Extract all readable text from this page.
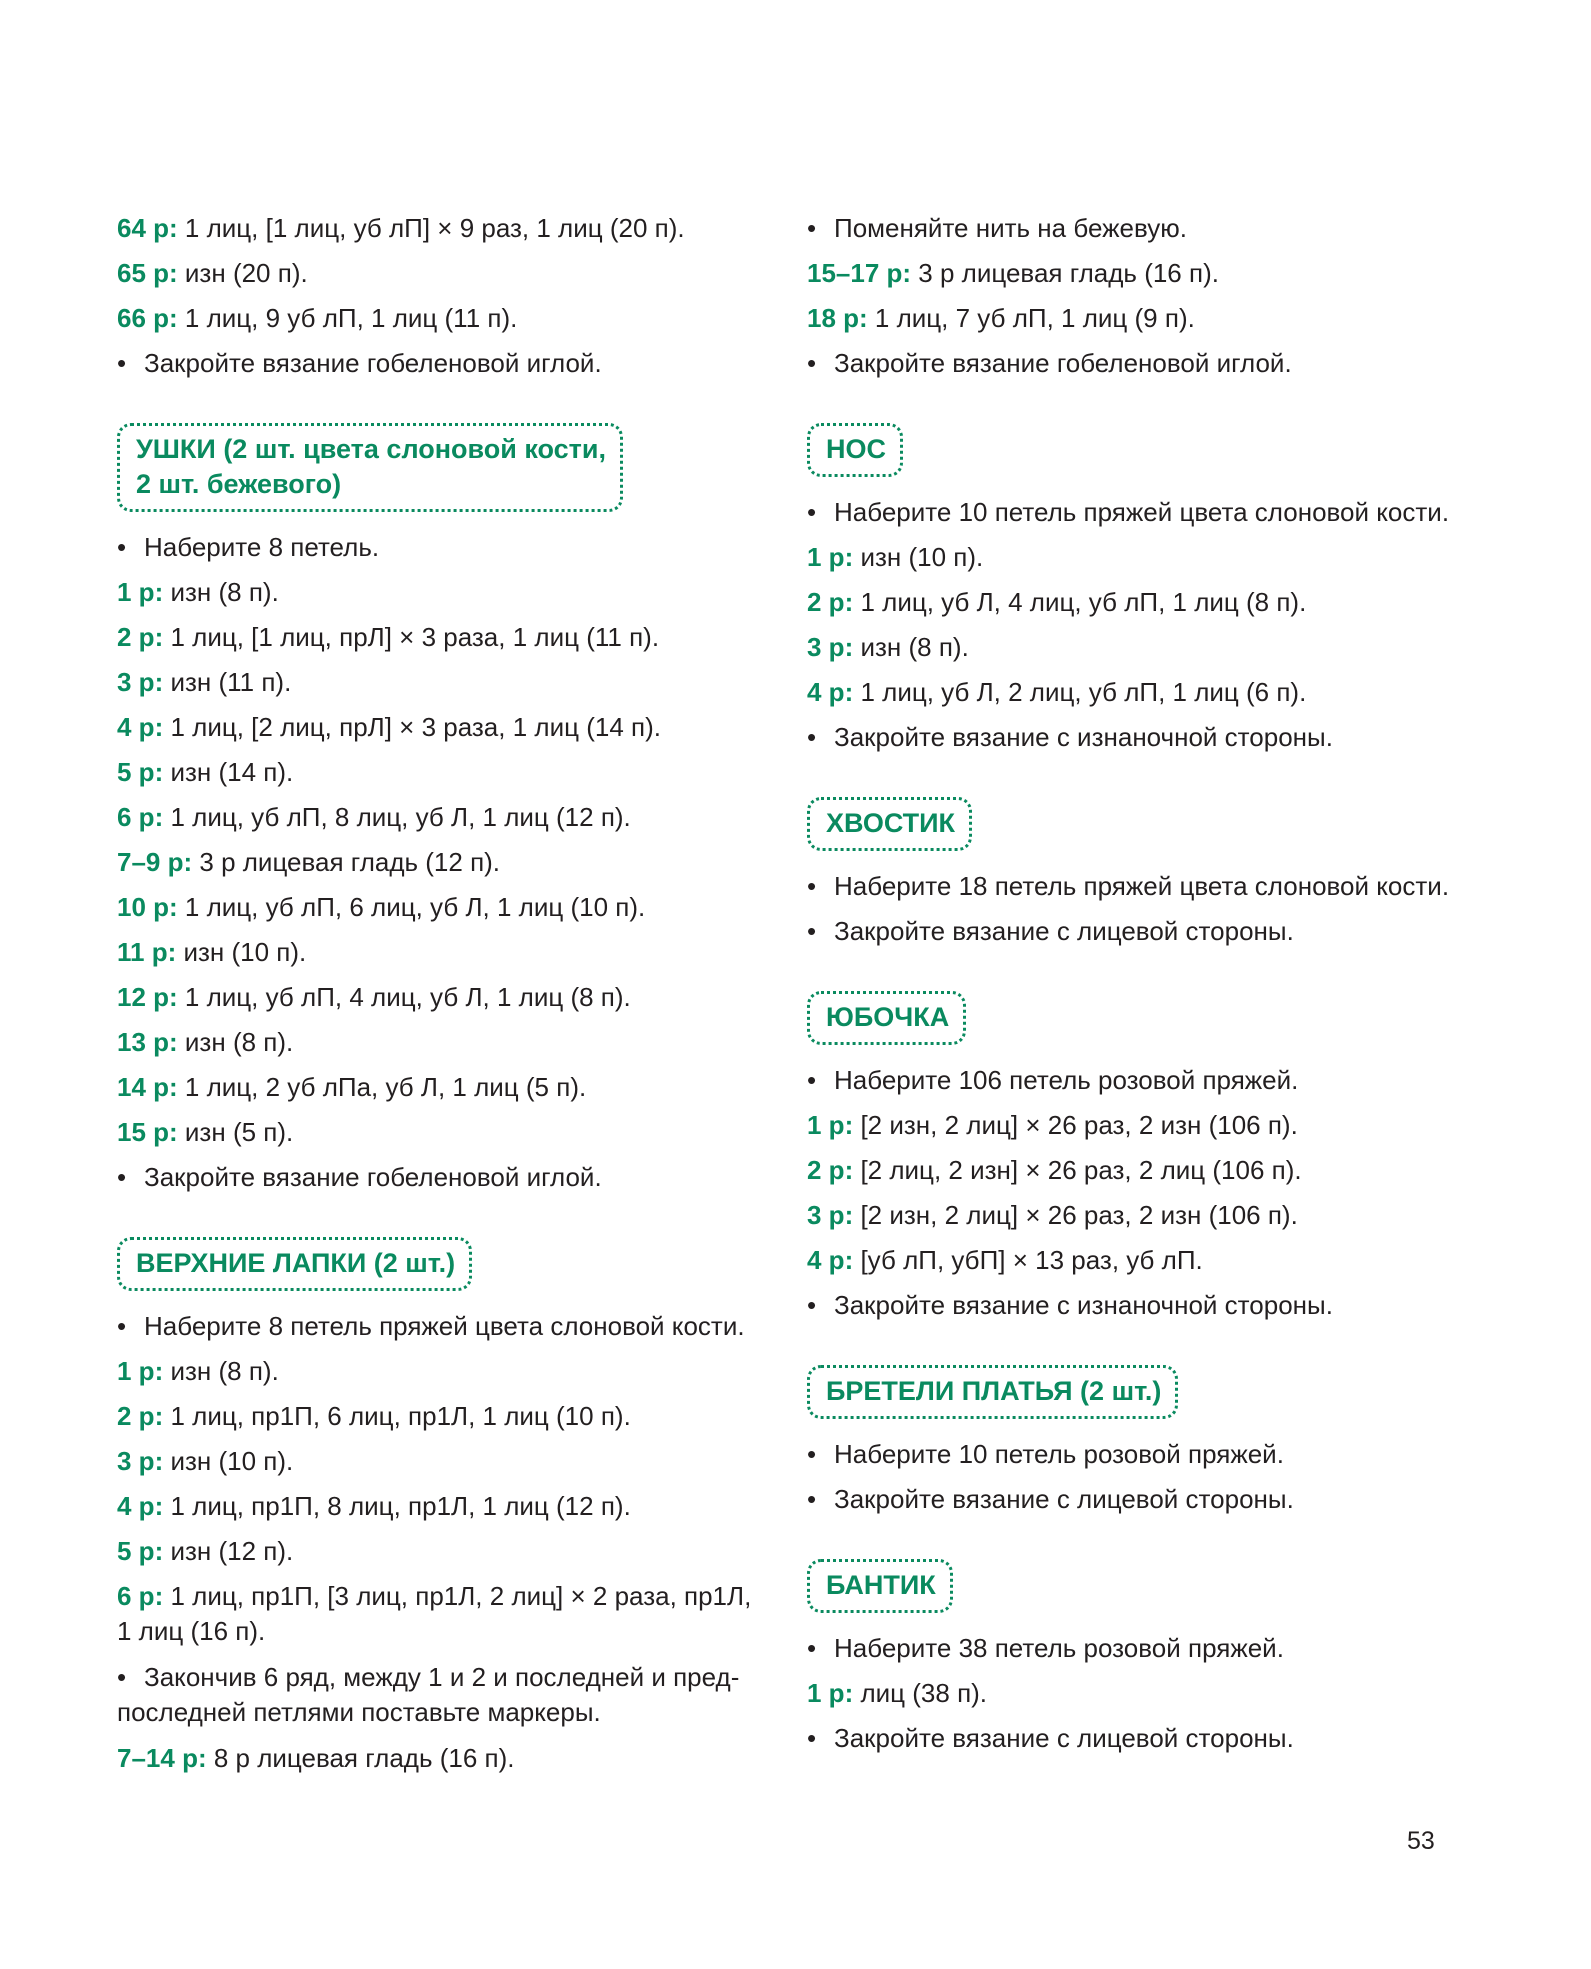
64 р: 1 лиц, [1 лиц, уб лП] × 9 раз, 1 лиц (20 п).
65 р: изн (20 п).
66 р: 1 лиц, 9 уб лП, 1 лиц (11 п).
• Закройте вязание гобеленовой иглой.
УШКИ (2 шт. цвета слоновой кости,
2 шт. бежевого)
• Наберите 8 петель.
1 р: изн (8 п).
2 р: 1 лиц, [1 лиц, прЛ] × 3 раза, 1 лиц (11 п).
3 р: изн (11 п).
4 р: 1 лиц, [2 лиц, прЛ] × 3 раза, 1 лиц (14 п).
5 р: изн (14 п).
6 р: 1 лиц, уб лП, 8 лиц, уб Л, 1 лиц (12 п).
7–9 р: 3 р лицевая гладь (12 п).
10 р: 1 лиц, уб лП, 6 лиц, уб Л, 1 лиц (10 п).
11 р: изн (10 п).
12 р: 1 лиц, уб лП, 4 лиц, уб Л, 1 лиц (8 п).
13 р: изн (8 п).
14 р: 1 лиц, 2 уб лПа, уб Л, 1 лиц (5 п).
15 р: изн (5 п).
• Закройте вязание гобеленовой иглой.
ВЕРХНИЕ ЛАПКИ (2 шт.)
• Наберите 8 петель пряжей цвета слоновой кости.
1 р: изн (8 п).
2 р: 1 лиц, пр1П, 6 лиц, пр1Л, 1 лиц (10 п).
3 р: изн (10 п).
4 р: 1 лиц, пр1П, 8 лиц, пр1Л, 1 лиц (12 п).
5 р: изн (12 п).
6 р: 1 лиц, пр1П, [3 лиц, пр1Л, 2 лиц] × 2 раза, пр1Л, 1 лиц (16 п).
• Закончив 6 ряд, между 1 и 2 и последней и предпоследней петлями поставьте маркеры.
7–14 р: 8 р лицевая гладь (16 п).
• Поменяйте нить на бежевую.
15–17 р: 3 р лицевая гладь (16 п).
18 р: 1 лиц, 7 уб лП, 1 лиц (9 п).
• Закройте вязание гобеленовой иглой.
НОС
• Наберите 10 петель пряжей цвета слоновой кости.
1 р: изн (10 п).
2 р: 1 лиц, уб Л, 4 лиц, уб лП, 1 лиц (8 п).
3 р: изн (8 п).
4 р: 1 лиц, уб Л, 2 лиц, уб лП, 1 лиц (6 п).
• Закройте вязание с изнаночной стороны.
ХВОСТИК
• Наберите 18 петель пряжей цвета слоновой кости.
• Закройте вязание с лицевой стороны.
ЮБОЧКА
• Наберите 106 петель розовой пряжей.
1 р: [2 изн, 2 лиц] × 26 раз, 2 изн (106 п).
2 р: [2 лиц, 2 изн] × 26 раз, 2 лиц (106 п).
3 р: [2 изн, 2 лиц] × 26 раз, 2 изн (106 п).
4 р: [уб лП, убП] × 13 раз, уб лП.
• Закройте вязание с изнаночной стороны.
БРЕТЕЛИ ПЛАТЬЯ (2 шт.)
• Наберите 10 петель розовой пряжей.
• Закройте вязание с лицевой стороны.
БАНТИК
• Наберите 38 петель розовой пряжей.
1 р: лиц (38 п).
• Закройте вязание с лицевой стороны.
53
